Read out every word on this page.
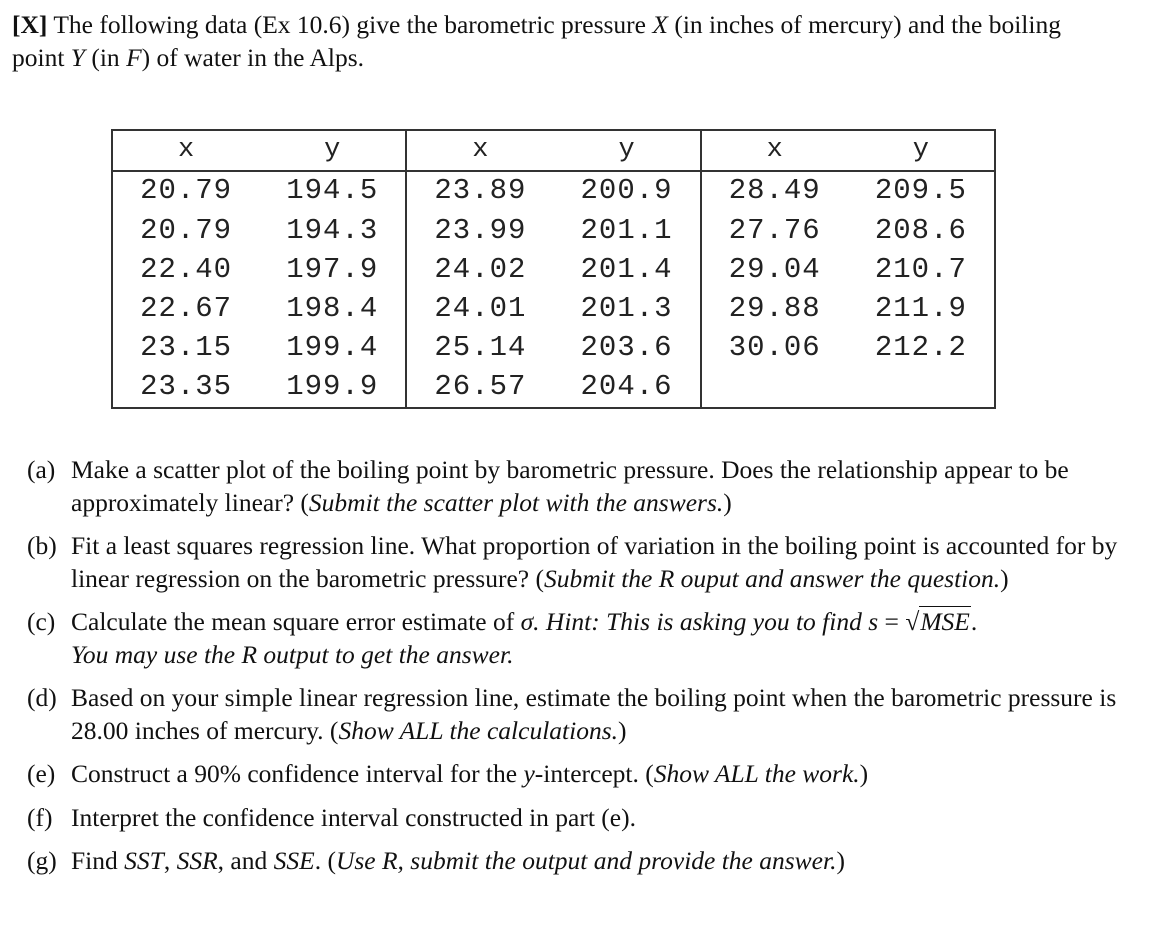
[X] The following data (Ex 10.6) give the barometric pressure X (in inches of mercury) and the boiling point Y (in F) of water in the Alps.
x	y	x	y	x	y
20.79	194.5	23.89	200.9	28.49	209.5
20.79	194.3	23.99	201.1	27.76	208.6
22.40	197.9	24.02	201.4	29.04	210.7
22.67	198.4	24.01	201.3	29.88	211.9
23.15	199.4	25.14	203.6	30.06	212.2
23.35	199.9	26.57	204.6		
(a) Make a scatter plot of the boiling point by barometric pressure. Does the relationship appear to be approximately linear? (Submit the scatter plot with the answers.)
(b) Fit a least squares regression line. What proportion of variation in the boiling point is accounted for by linear regression on the barometric pressure? (Submit the R ouput and answer the question.)
(c) Calculate the mean square error estimate of σ. Hint: This is asking you to find s = √MSE.
You may use the R output to get the answer.
(d) Based on your simple linear regression line, estimate the boiling point when the barometric pressure is 28.00 inches of mercury. (Show ALL the calculations.)
(e) Construct a 90% confidence interval for the y-intercept. (Show ALL the work.)
(f) Interpret the confidence interval constructed in part (e).
(g) Find SST, SSR, and SSE. (Use R, submit the output and provide the answer.)
